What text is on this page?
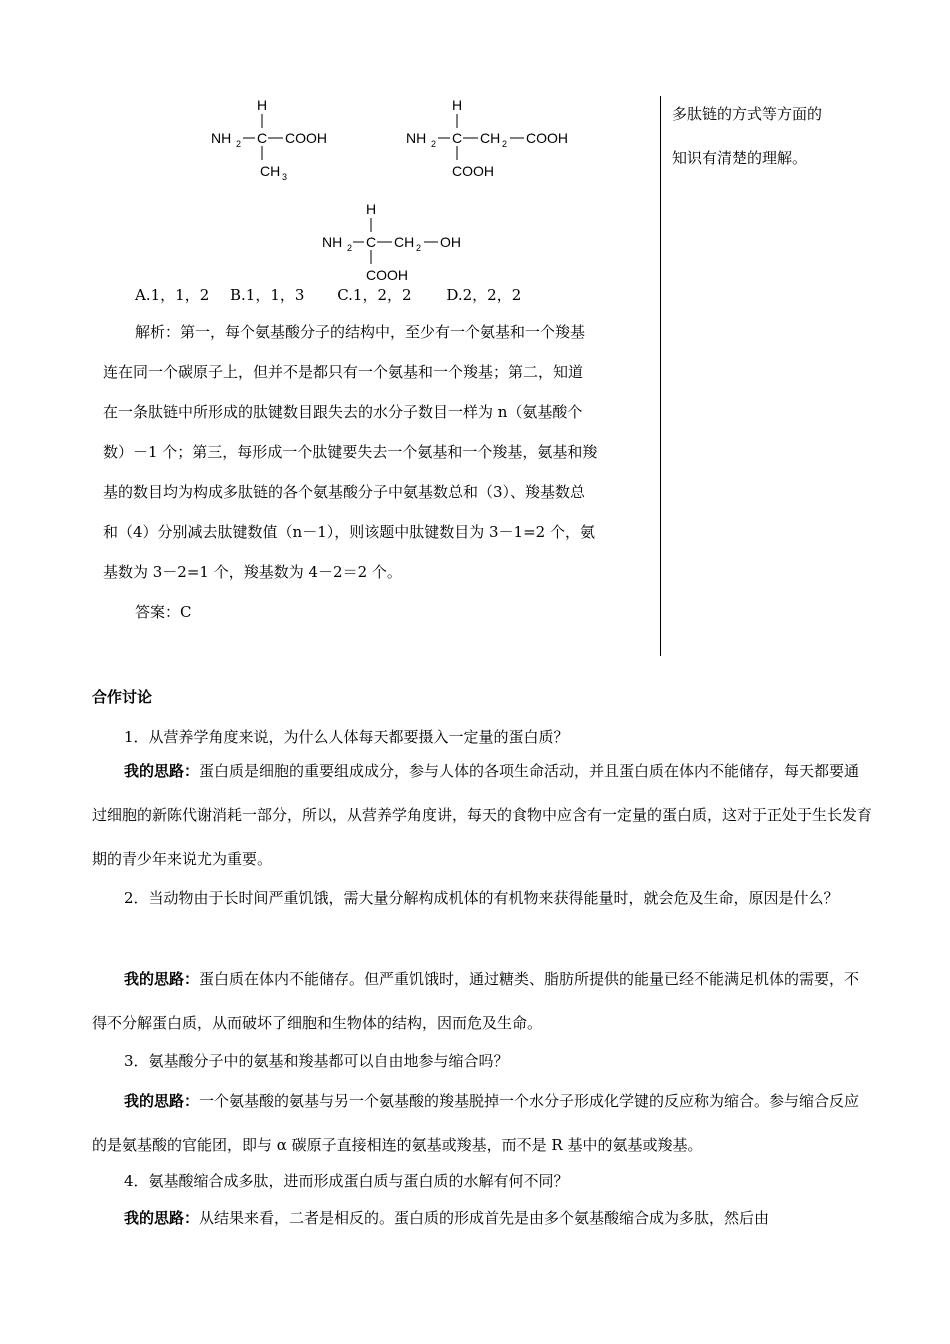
多肽链的方式等方面的
知识有清楚的理解。
H
NH 2 C COOH
CH 3
H
NH 2 C CH 2 COOH
COOH
H
NH 2 C CH 2 OH
COOH
A.1，1，2 B.1，1，3 C.1，2，2 D.2，2，2
解析：第一，每个氨基酸分子的结构中，至少有一个氨基和一个羧基
连在同一个碳原子上，但并不是都只有一个氨基和一个羧基；第二，知道
在一条肽链中所形成的肽键数目跟失去的水分子数目一样为 n（氨基酸个
数）－1 个；第三，每形成一个肽键要失去一个氨基和一个羧基，氨基和羧
基的数目均为构成多肽链的各个氨基酸分子中氨基数总和（3）、羧基数总
和（4）分别减去肽键数值（n－1），则该题中肽键数目为 3－1=2 个，氨
基数为 3－2=1 个，羧基数为 4－2＝2 个。
答案：C
合作讨论
1．从营养学角度来说，为什么人体每天都要摄入一定量的蛋白质？
我的思路：蛋白质是细胞的重要组成成分，参与人体的各项生命活动，并且蛋白质在体内不能储存，每天都要通过细胞的新陈代谢消耗一部分，所以，从营养学角度讲，每天的食物中应含有一定量的蛋白质，这对于正处于生长发育期的青少年来说尤为重要。
2．当动物由于长时间严重饥饿，需大量分解构成机体的有机物来获得能量时，就会危及生命，原因是什么？
我的思路：蛋白质在体内不能储存。但严重饥饿时，通过糖类、脂肪所提供的能量已经不能满足机体的需要，不得不分解蛋白质，从而破坏了细胞和生物体的结构，因而危及生命。
3．氨基酸分子中的氨基和羧基都可以自由地参与缩合吗？
我的思路：一个氨基酸的氨基与另一个氨基酸的羧基脱掉一个水分子形成化学键的反应称为缩合。参与缩合反应的是氨基酸的官能团，即与 α 碳原子直接相连的氨基或羧基，而不是 R 基中的氨基或羧基。
4．氨基酸缩合成多肽，进而形成蛋白质与蛋白质的水解有何不同？
我的思路：从结果来看，二者是相反的。蛋白质的形成首先是由多个氨基酸缩合成为多肽，然后由
